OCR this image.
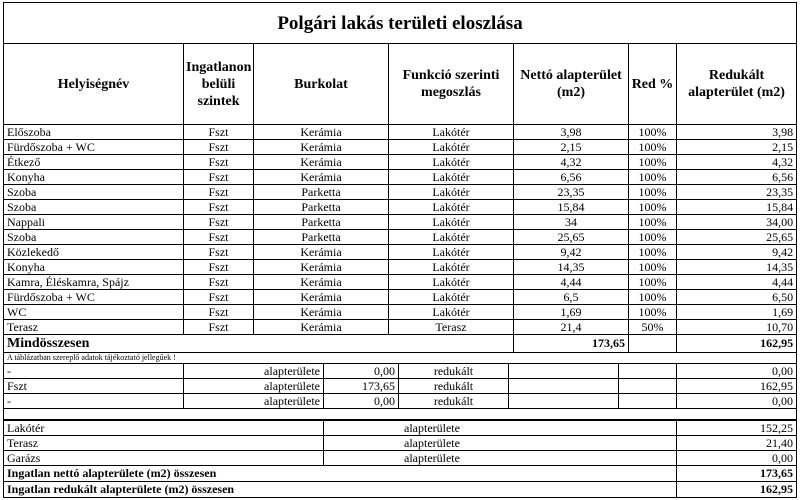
Polgári lakás területi eloszlása						
Helyiségnév	Ingatlanon belüli szintek	Burkolat	Funkció szerinti megoszlás	Nettó alapterület (m2)	Red %	Redukált alapterület (m2)
Előszoba	Fszt	Kerámia	Lakótér	3,98	100%	3,98
Fürdőszoba + WC	Fszt	Kerámia	Lakótér	2,15	100%	2,15
Étkező	Fszt	Kerámia	Lakótér	4,32	100%	4,32
Konyha	Fszt	Kerámia	Lakótér	6,56	100%	6,56
Szoba	Fszt	Parketta	Lakótér	23,35	100%	23,35
Szoba	Fszt	Parketta	Lakótér	15,84	100%	15,84
Nappali	Fszt	Parketta	Lakótér	34	100%	34,00
Szoba	Fszt	Parketta	Lakótér	25,65	100%	25,65
Közlekedő	Fszt	Kerámia	Lakótér	9,42	100%	9,42
Konyha	Fszt	Kerámia	Lakótér	14,35	100%	14,35
Kamra, Éléskamra, Spájz	Fszt	Kerámia	Lakótér	4,44	100%	4,44
Fürdőszoba + WC	Fszt	Kerámia	Lakótér	6,5	100%	6,50
WC	Fszt	Kerámia	Lakótér	1,69	100%	1,69
Terasz	Fszt	Kerámia	Terasz	21,4	50%	10,70
Mindösszesen				173,65		162,95
A táblázatban szereplő adatok tájékoztató jellegűek !						
-	alapterülete	0,00	redukált			0,00
Fszt	alapterülete	173,65	redukált			162,95
-	alapterülete	0,00	redukált			0,00

Lakótér	alapterülete	152,25
Terasz	alapterülete	21,40
Garázs	alapterülete	0,00
Ingatlan nettó alapterülete (m2) összesen		173,65
Ingatlan redukált alapterülete (m2) összesen		162,95
